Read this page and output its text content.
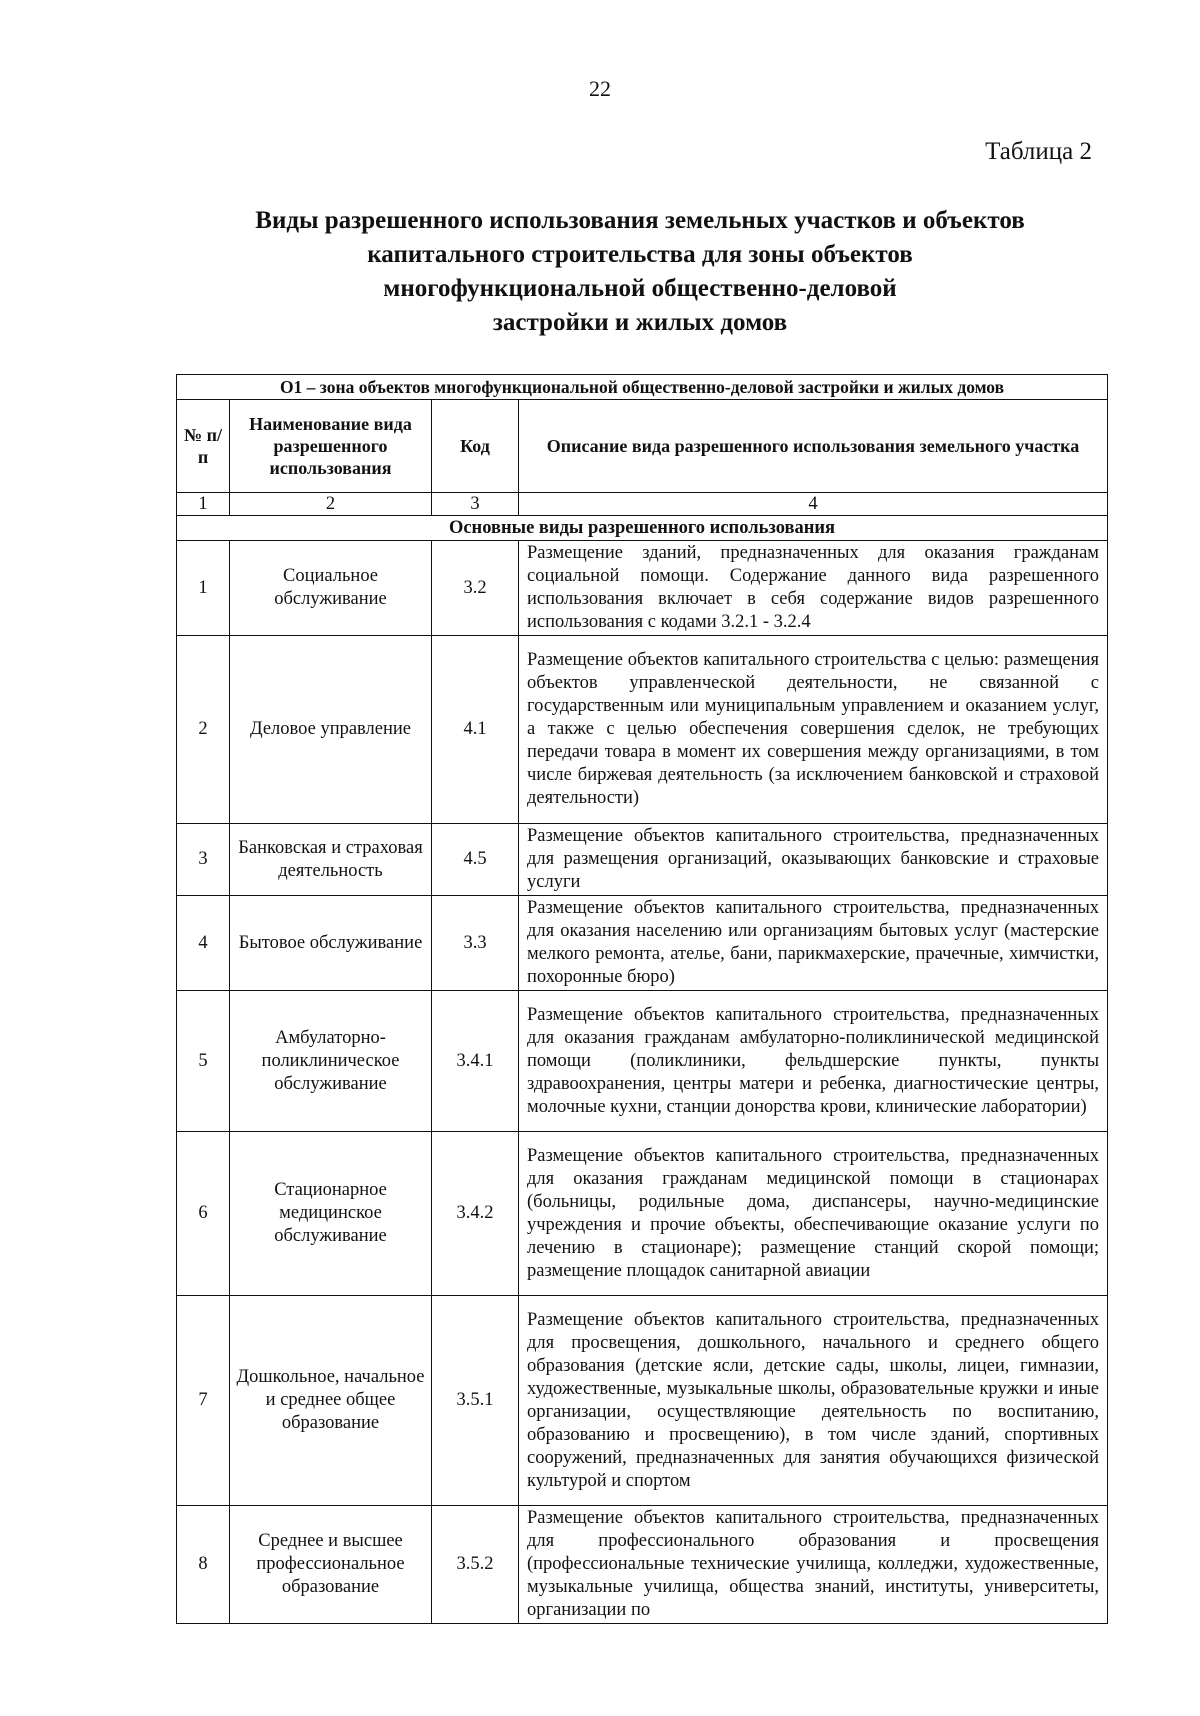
22
Таблица 2
Виды разрешенного использования земельных участков и объектов
капитального строительства для зоны объектов
многофункциональной общественно-деловой
застройки и жилых домов
О1 – зона объектов многофункциональной общественно-деловой застройки и жилых домов			
№ п/п	Наименование вида разрешенного использования	Код	Описание вида разрешенного использования земельного участка
1	2	3	4
Основные виды разрешенного использования			
1	Социальное обслуживание	3.2	Размещение зданий, предназначенных для оказания гражданам социальной помощи. Содержание данного вида разрешенного использования включает в себя содержание видов разрешенного использования с кодами 3.2.1 - 3.2.4
2	Деловое управление	4.1	Размещение объектов капитального строительства с целью: размещения объектов управленческой деятельности, не связанной с государственным или муниципальным управлением и оказанием услуг, а также с целью обеспечения совершения сделок, не требующих передачи товара в момент их совершения между организациями, в том числе биржевая деятельность (за исключением банковской и страховой деятельности)
3	Банковская и страховая деятельность	4.5	Размещение объектов капитального строительства, предназначенных для размещения организаций, оказывающих банковские и страховые услуги
4	Бытовое обслуживание	3.3	Размещение объектов капитального строительства, предназначенных для оказания населению или организациям бытовых услуг (мастерские мелкого ремонта, ателье, бани, парикмахерские, прачечные, химчистки, похоронные бюро)
5	Амбулаторно-поликлиническое обслуживание	3.4.1	Размещение объектов капитального строительства, предназначенных для оказания гражданам амбулаторно-поликлинической медицинской помощи (поликлиники, фельдшерские пункты, пункты здравоохранения, центры матери и ребенка, диагностические центры, молочные кухни, станции донорства крови, клинические лаборатории)
6	Стационарное медицинское обслуживание	3.4.2	Размещение объектов капитального строительства, предназначенных для оказания гражданам медицинской помощи в стационарах (больницы, родильные дома, диспансеры, научно-медицинские учреждения и прочие объекты, обеспечивающие оказание услуги по лечению в стационаре); размещение станций скорой помощи; размещение площадок санитарной авиации
7	Дошкольное, начальное и среднее общее образование	3.5.1	Размещение объектов капитального строительства, предназначенных для просвещения, дошкольного, начального и среднего общего образования (детские ясли, детские сады, школы, лицеи, гимназии, художественные, музыкальные школы, образовательные кружки и иные организации, осуществляющие деятельность по воспитанию, образованию и просвещению), в том числе зданий, спортивных сооружений, предназначенных для занятия обучающихся физической культурой и спортом
8	Среднее и высшее профессиональное образование	3.5.2	Размещение объектов капитального строительства, предназначенных для профессионального образования и просвещения (профессиональные технические училища, колледжи, художественные, музыкальные училища, общества знаний, институты, университеты, организации по
